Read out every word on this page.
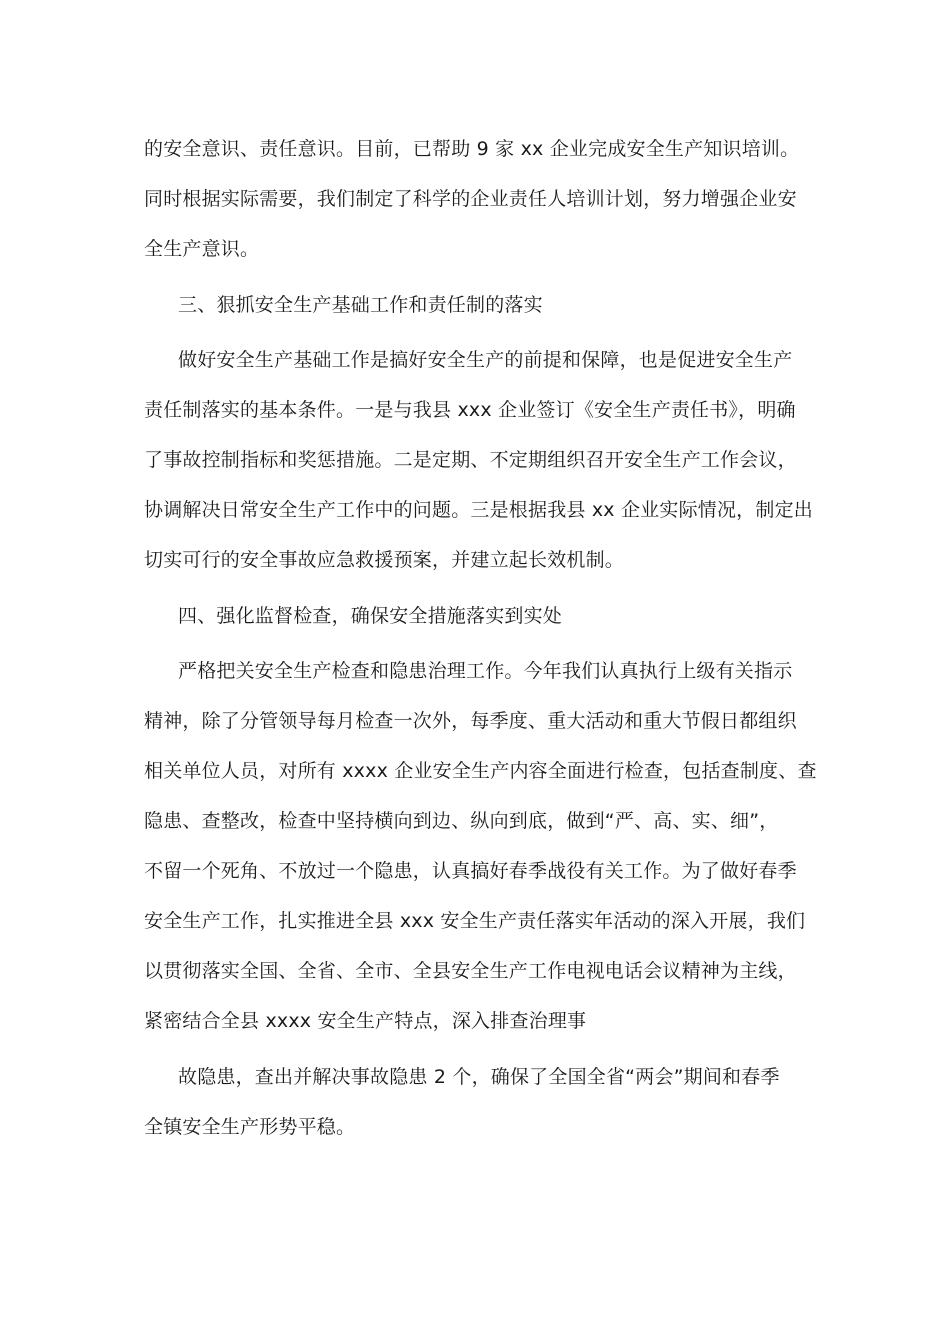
的安全意识、责任意识。目前，已帮助 9 家 xx 企业完成安全生产知识培训。
同时根据实际需要，我们制定了科学的企业责任人培训计划，努力增强企业安
全生产意识。
三、狠抓安全生产基础工作和责任制的落实
做好安全生产基础工作是搞好安全生产的前提和保障，也是促进安全生产
责任制落实的基本条件。一是与我县 xxx 企业签订《安全生产责任书》，明确
了事故控制指标和奖惩措施。二是定期、不定期组织召开安全生产工作会议，
协调解决日常安全生产工作中的问题。三是根据我县 xx 企业实际情况，制定出
切实可行的安全事故应急救援预案，并建立起长效机制。
四、强化监督检查，确保安全措施落实到实处
严格把关安全生产检查和隐患治理工作。今年我们认真执行上级有关指示
精神，除了分管领导每月检查一次外，每季度、重大活动和重大节假日都组织
相关单位人员，对所有 xxxx 企业安全生产内容全面进行检查，包括查制度、查
隐患、查整改，检查中坚持横向到边、纵向到底，做到“严、高、实、细”，
不留一个死角、不放过一个隐患，认真搞好春季战役有关工作。为了做好春季
安全生产工作，扎实推进全县 xxx 安全生产责任落实年活动的深入开展，我们
以贯彻落实全国、全省、全市、全县安全生产工作电视电话会议精神为主线，
紧密结合全县 xxxx 安全生产特点，深入排查治理事
故隐患，查出并解决事故隐患 2 个，确保了全国全省“两会”期间和春季
全镇安全生产形势平稳。
